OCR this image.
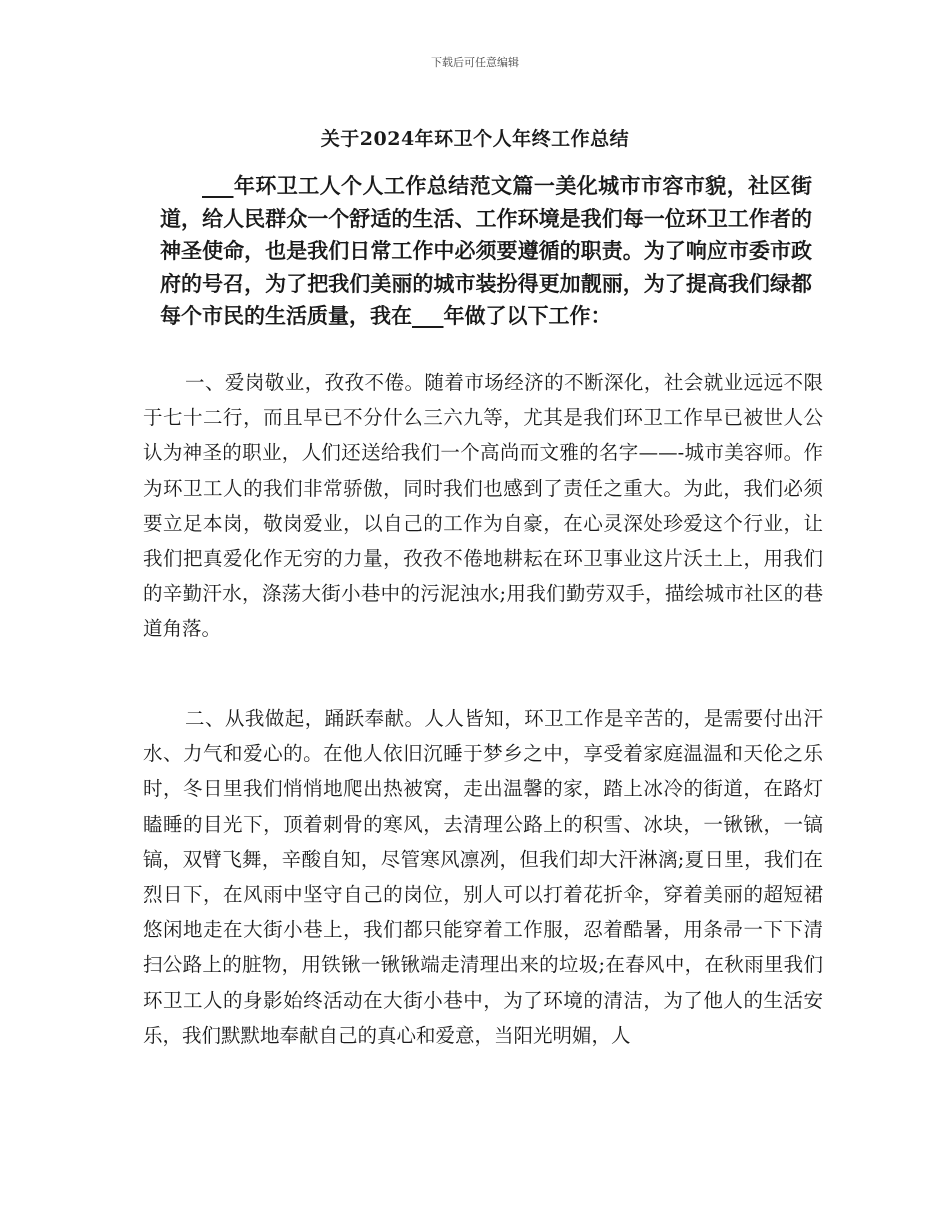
下载后可任意编辑
关于2024年环卫个人年终工作总结

___年环卫工人个人工作总结范文篇一美化城市市容市貌，社区街道，给人民群众一个舒适的生活、工作环境是我们每一位环卫工作者的神圣使命，也是我们日常工作中必须要遵循的职责。为了响应市委市政府的号召，为了把我们美丽的城市装扮得更加靓丽，为了提高我们绿都每个市民的生活质量，我在___年做了以下工作：

一、爱岗敬业，孜孜不倦。随着市场经济的不断深化，社会就业远远不限于七十二行，而且早已不分什么三六九等，尤其是我们环卫工作早已被世人公认为神圣的职业，人们还送给我们一个高尚而文雅的名字——-城市美容师。作为环卫工人的我们非常骄傲，同时我们也感到了责任之重大。为此，我们必须要立足本岗，敬岗爱业，以自己的工作为自豪，在心灵深处珍爱这个行业，让我们把真爱化作无穷的力量，孜孜不倦地耕耘在环卫事业这片沃土上，用我们的辛勤汗水，涤荡大街小巷中的污泥浊水;用我们勤劳双手，描绘城市社区的巷道角落。

二、从我做起，踊跃奉献。人人皆知，环卫工作是辛苦的，是需要付出汗水、力气和爱心的。在他人依旧沉睡于梦乡之中，享受着家庭温温和天伦之乐时，冬日里我们悄悄地爬出热被窝，走出温馨的家，踏上冰冷的街道，在路灯瞌睡的目光下，顶着刺骨的寒风，去清理公路上的积雪、冰块，一锹锹，一镐镐，双臂飞舞，辛酸自知，尽管寒风凛冽，但我们却大汗淋漓;夏日里，我们在烈日下，在风雨中坚守自己的岗位，别人可以打着花折伞，穿着美丽的超短裙悠闲地走在大街小巷上，我们都只能穿着工作服，忍着酷暑，用条帚一下下清扫公路上的脏物，用铁锹一锹锹端走清理出来的垃圾;在春风中，在秋雨里我们环卫工人的身影始终活动在大街小巷中，为了环境的清洁，为了他人的生活安乐，我们默默地奉献自己的真心和爱意，当阳光明媚，人
